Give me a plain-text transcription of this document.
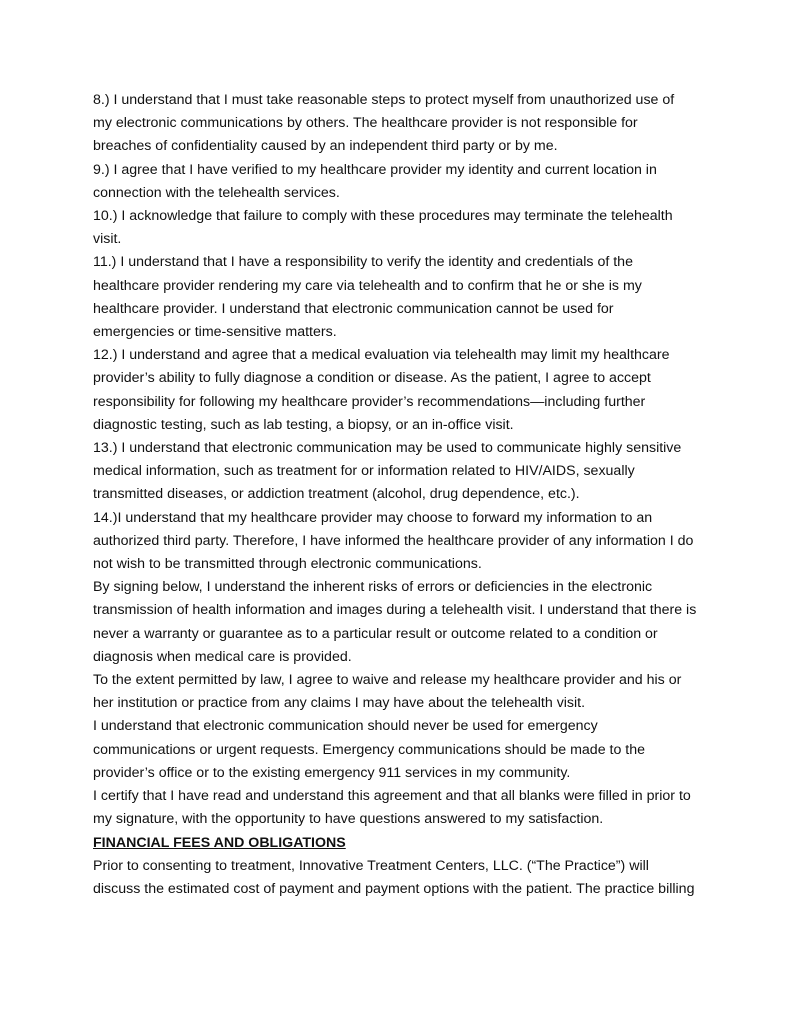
8.) I understand that I must take reasonable steps to protect myself from unauthorized use of
my electronic communications by others. The healthcare provider is not responsible for
breaches of confidentiality caused by an independent third party or by me.

9.) I agree that I have verified to my healthcare provider my identity and current location in
connection with the telehealth services.

10.) I acknowledge that failure to comply with these procedures may terminate the telehealth
visit.

11.) I understand that I have a responsibility to verify the identity and credentials of the
healthcare provider rendering my care via telehealth and to confirm that he or she is my
healthcare provider. I understand that electronic communication cannot be used for
emergencies or time-sensitive matters.

12.) I understand and agree that a medical evaluation via telehealth may limit my healthcare
provider’s ability to fully diagnose a condition or disease. As the patient, I agree to accept
responsibility for following my healthcare provider’s recommendations—including further
diagnostic testing, such as lab testing, a biopsy, or an in-office visit.

13.) I understand that electronic communication may be used to communicate highly sensitive
medical information, such as treatment for or information related to HIV/AIDS, sexually
transmitted diseases, or addiction treatment (alcohol, drug dependence, etc.).

14.)I understand that my healthcare provider may choose to forward my information to an
authorized third party. Therefore, I have informed the healthcare provider of any information I do
not wish to be transmitted through electronic communications.

By signing below, I understand the inherent risks of errors or deficiencies in the electronic
transmission of health information and images during a telehealth visit. I understand that there is
never a warranty or guarantee as to a particular result or outcome related to a condition or
diagnosis when medical care is provided.

To the extent permitted by law, I agree to waive and release my healthcare provider and his or
her institution or practice from any claims I may have about the telehealth visit.

I understand that electronic communication should never be used for emergency
communications or urgent requests. Emergency communications should be made to the
provider’s office or to the existing emergency 911 services in my community.

I certify that I have read and understand this agreement and that all blanks were filled in prior to
my signature, with the opportunity to have questions answered to my satisfaction.

FINANCIAL FEES AND OBLIGATIONS

Prior to consenting to treatment, Innovative Treatment Centers, LLC. (“The Practice”) will
discuss the estimated cost of payment and payment options with the patient. The practice billing
